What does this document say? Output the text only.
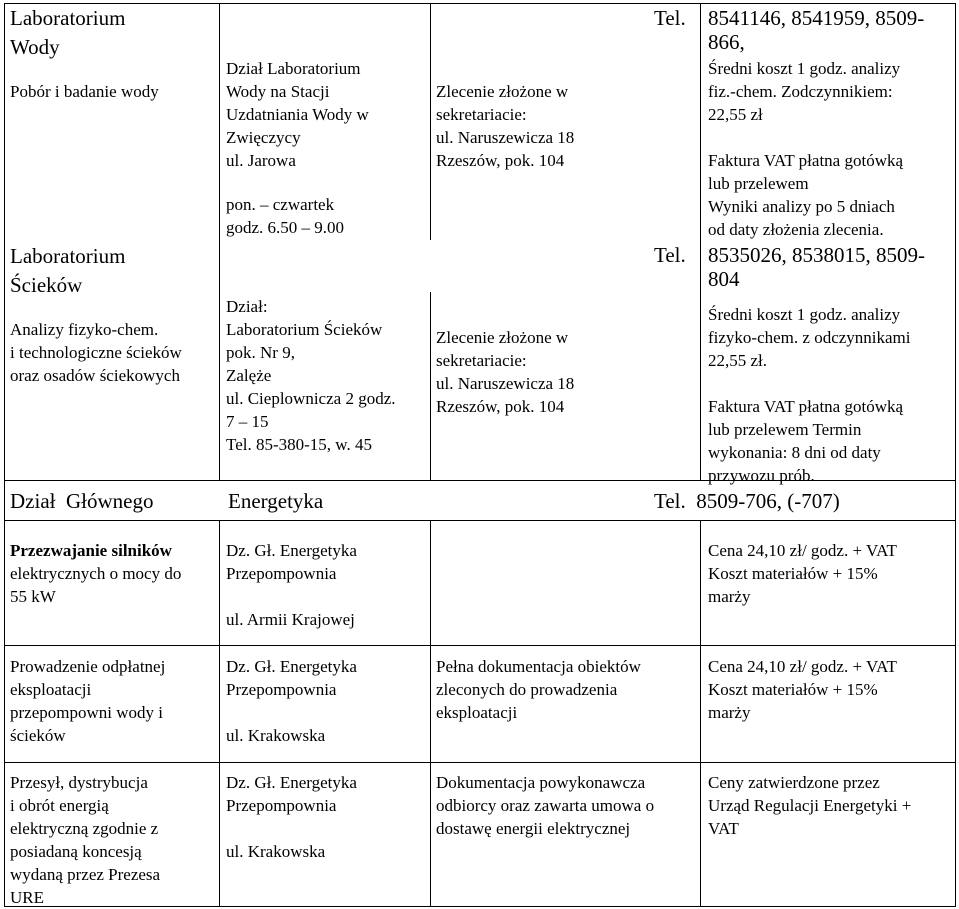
Laboratorium
Wody
Pobór i badanie wody
Dział Laboratorium
Wody na Stacji
Uzdatniania Wody w
Zwięczycy
ul. Jarowa
pon. – czwartek
godz. 6.50 – 9.00
Zlecenie złożone w
sekretariacie:
ul. Naruszewicza 18
Rzeszów, pok. 104
Tel. 8541146, 8541959, 8509-
866,
Średni koszt 1 godz. analizy
fiz.-chem. Zodczynnikiem:
22,55 zł

Faktura VAT płatna gotówką
lub przelewem
Wyniki analizy po 5 dniach
od daty złożenia zlecenia.
Laboratorium
Ścieków
Analizy fizyko-chem.
i technologiczne ścieków
oraz osadów ściekowych
Dział:
Laboratorium Ścieków
pok. Nr 9,
Zalęże
ul. Cieplownicza 2 godz.
7 – 15
Tel. 85-380-15, w. 45
Zlecenie złożone w
sekretariacie:
ul. Naruszewicza 18
Rzeszów, pok. 104
Tel. 8535026, 8538015, 8509-
804
Średni koszt 1 godz. analizy
fizyko-chem. z odczynnikami
22,55 zł.

Faktura VAT płatna gotówką
lub przelewem Termin
wykonania: 8 dni od daty
przywozu prób.
Dział  Głównego	Energetyka	Tel.  8509-706, (-707)
Przezwajanie silników
elektrycznych o mocy do
55 kW
Dz. Gł. Energetyka
Przepompownia

ul. Armii Krajowej
Cena 24,10 zł/ godz. + VAT
Koszt materiałów + 15%
marży
Prowadzenie odpłatnej
eksploatacji
przepompowni wody i
ścieków
Dz. Gł. Energetyka
Przepompownia

ul. Krakowska
Pełna dokumentacja obiektów
zleconych do prowadzenia
eksploatacji
Cena 24,10 zł/ godz. + VAT
Koszt materiałów + 15%
marży
Przesył, dystrybucja
i obrót energią
elektryczną zgodnie z
posiadaną koncesją
wydaną przez Prezesa
URE
Dz. Gł. Energetyka
Przepompownia

ul. Krakowska
Dokumentacja powykonawcza
odbiorcy oraz zawarta umowa o
dostawę energii elektrycznej
Ceny zatwierdzone przez
Urząd Regulacji Energetyki +
VAT
